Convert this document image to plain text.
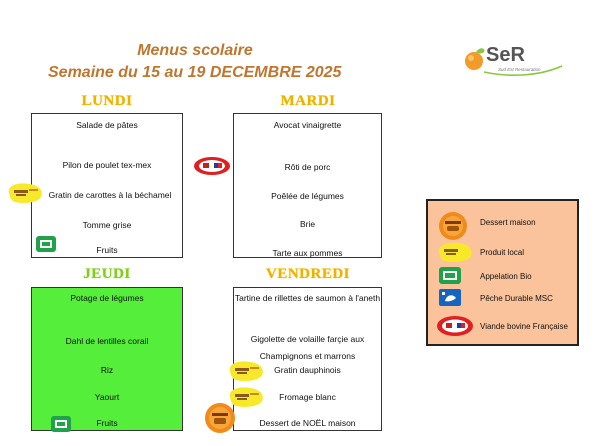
Menus scolaire
Semaine du 15 au 19 DECEMBRE 2025
SeR
Sud Est Restauration
LUNDI	MARDI
JEUDI	VENDREDI
Salade de pâtes
Pilon de poulet tex-mex
Gratin de carottes à la béchamel
Tomme grise
Fruits
Avocat vinaigrette
Rôti de porc
Poêlée de légumes
Brie
Tarte aux pommes
Potage de légumes
Dahl de lentilles corail
Riz
Yaourt
Fruits
Tartine de rillettes de saumon à l'aneth
Gigolette de volaille farçie aux
Champignons et marrons
Gratin dauphinois
Fromage blanc
Dessert de NOËL maison
Dessert maison
Produit local
Appelation Bio
Pêche Durable MSC
Viande bovine Française
